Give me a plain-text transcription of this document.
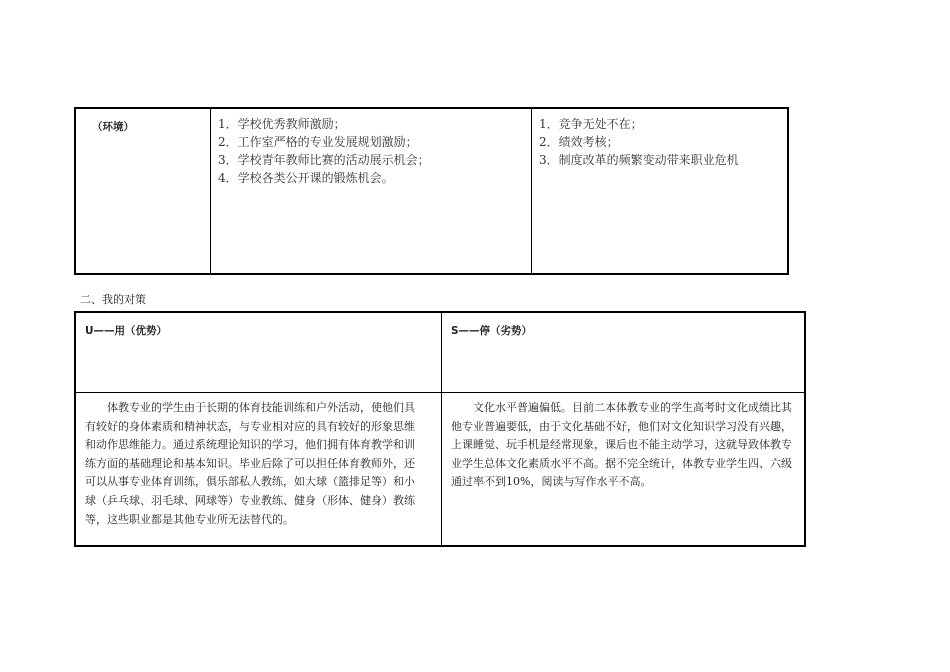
（环境）	1．学校优秀教师激励；
2．工作室严格的专业发展规划激励；
3．学校青年教师比赛的活动展示机会；
4．学校各类公开课的锻炼机会。
1．竞争无处不在；
2．绩效考核；
3．制度改革的频繁变动带来职业危机
二、我的对策
U——用（优势）

体教专业的学生由于长期的体育技能训练和户外活动，使他们具有较好的身体素质和精神状态，与专业相对应的具有较好的形象思维和动作思维能力。通过系统理论知识的学习，他们拥有体育教学和训练方面的基础理论和基本知识。毕业后除了可以担任体育教师外，还可以从事专业体育训练，俱乐部私人教练，如大球（篮排足等）和小球（乒乓球、羽毛球、网球等）专业教练、健身（形体、健身）教练等，这些职业都是其他专业所无法替代的。

S——停（劣势）

文化水平普遍偏低。目前二本体教专业的学生高考时文化成绩比其他专业普遍要低，由于文化基础不好，他们对文化知识学习没有兴趣，上课睡觉、玩手机是经常现象，课后也不能主动学习，这就导致体教专业学生总体文化素质水平不高。据不完全统计，体教专业学生四、六级通过率不到10%，阅读与写作水平不高。
